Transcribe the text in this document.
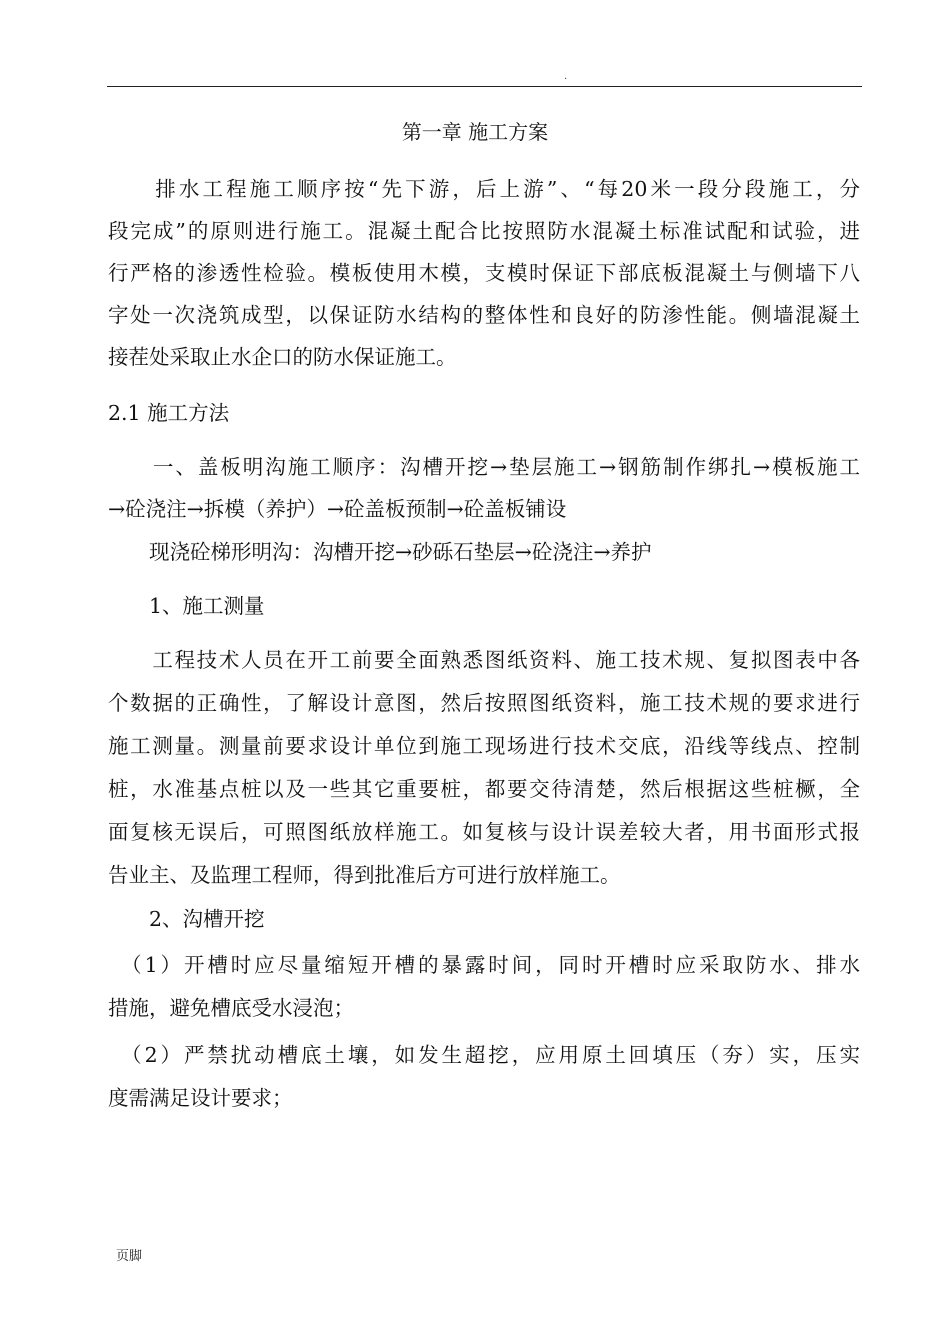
.
第一章 施工方案
　　排水工程施工顺序按“先下游，后上游”、“每20米一段分段施工，分
段完成”的原则进行施工。混凝土配合比按照防水混凝土标准试配和试验，进
行严格的渗透性检验。模板使用木模，支模时保证下部底板混凝土与侧墙下八
字处一次浇筑成型，以保证防水结构的整体性和良好的防渗性能。侧墙混凝土
接茬处采取止水企口的防水保证施工。
2.1 施工方法
　　一、盖板明沟施工顺序：沟槽开挖→垫层施工→钢筋制作绑扎→模板施工
→砼浇注→拆模（养护）→砼盖板预制→砼盖板铺设
　　现浇砼梯形明沟：沟槽开挖→砂砾石垫层→砼浇注→养护
　　1、施工测量
　　工程技术人员在开工前要全面熟悉图纸资料、施工技术规、复拟图表中各
个数据的正确性，了解设计意图，然后按照图纸资料，施工技术规的要求进行
施工测量。测量前要求设计单位到施工现场进行技术交底，沿线等线点、控制
桩，水准基点桩以及一些其它重要桩，都要交待清楚，然后根据这些桩橛，全
面复核无误后，可照图纸放样施工。如复核与设计误差较大者，用书面形式报
告业主、及监理工程师，得到批准后方可进行放样施工。
　　2、沟槽开挖
　（1）开槽时应尽量缩短开槽的暴露时间，同时开槽时应采取防水、排水
措施，避免槽底受水浸泡；
　（2）严禁扰动槽底土壤，如发生超挖，应用原土回填压（夯）实，压实
度需满足设计要求；
页脚
